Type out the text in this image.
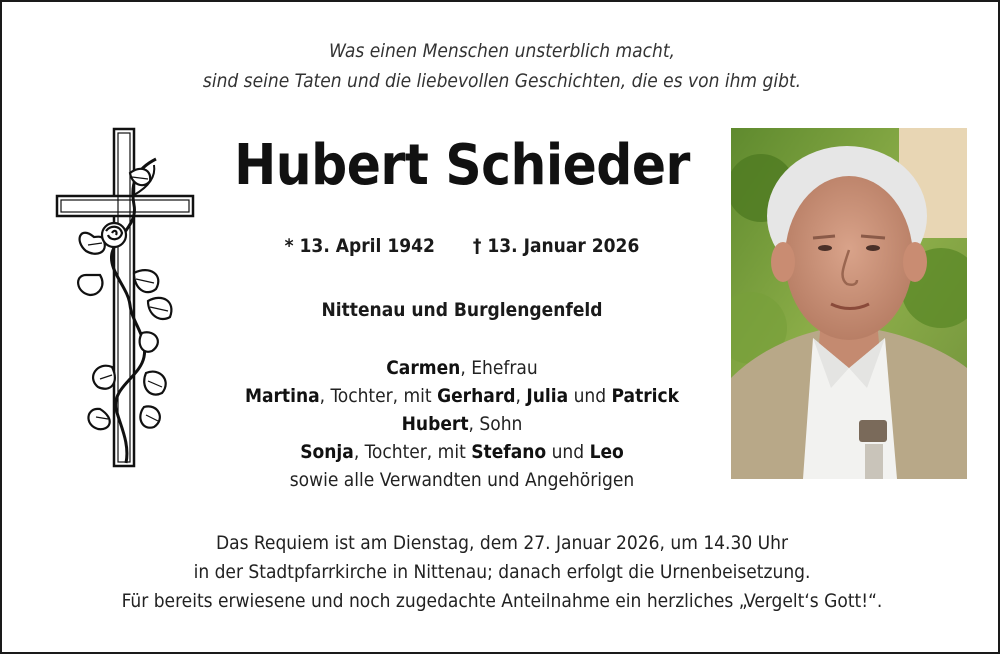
Was einen Menschen unsterblich macht,
sind seine Taten und die liebevollen Geschichten, die es von ihm gibt.
Hubert Schieder
* 13. April 1942 † 13. Januar 2026
Nittenau und Burglengenfeld
Carmen, Ehefrau
Martina, Tochter, mit Gerhard, Julia und Patrick
Hubert, Sohn
Sonja, Tochter, mit Stefano und Leo
sowie alle Verwandten und Angehörigen
Das Requiem ist am Dienstag, dem 27. Januar 2026, um 14.30 Uhr
in der Stadtpfarrkirche in Nittenau; danach erfolgt die Urnenbeisetzung.
Für bereits erwiesene und noch zugedachte Anteilnahme ein herzliches „Vergelt‘s Gott!“.
